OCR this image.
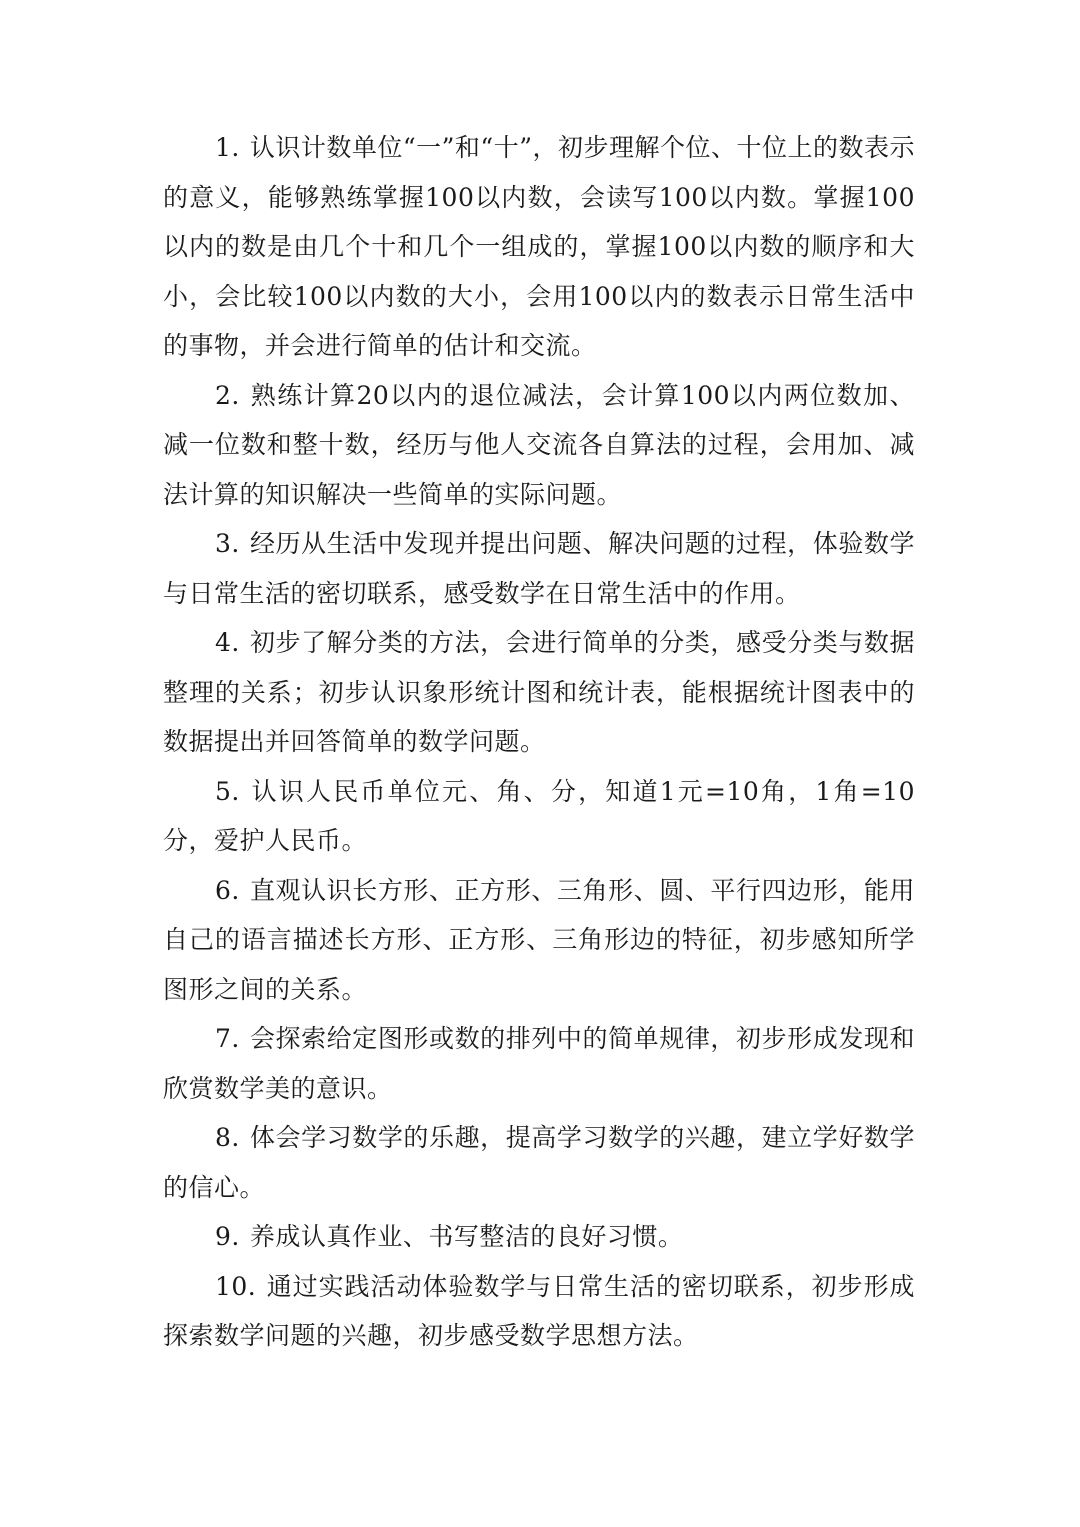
1. 认识计数单位“一”和“十”，初步理解个位、十位上的数表示的意义，能够熟练掌握100以内数，会读写100以内数。掌握100以内的数是由几个十和几个一组成的，掌握100以内数的顺序和大小，会比较100以内数的大小，会用100以内的数表示日常生活中的事物，并会进行简单的估计和交流。

2. 熟练计算20以内的退位减法，会计算100以内两位数加、减一位数和整十数，经历与他人交流各自算法的过程，会用加、减法计算的知识解决一些简单的实际问题。

3. 经历从生活中发现并提出问题、解决问题的过程，体验数学与日常生活的密切联系，感受数学在日常生活中的作用。

4. 初步了解分类的方法，会进行简单的分类，感受分类与数据整理的关系；初步认识象形统计图和统计表，能根据统计图表中的数据提出并回答简单的数学问题。

5. 认识人民币单位元、角、分，知道1元=10角，1角=10分，爱护人民币。

6. 直观认识长方形、正方形、三角形、圆、平行四边形，能用自己的语言描述长方形、正方形、三角形边的特征，初步感知所学图形之间的关系。

7. 会探索给定图形或数的排列中的简单规律，初步形成发现和欣赏数学美的意识。

8. 体会学习数学的乐趣，提高学习数学的兴趣，建立学好数学的信心。

9. 养成认真作业、书写整洁的良好习惯。

10. 通过实践活动体验数学与日常生活的密切联系，初步形成探索数学问题的兴趣，初步感受数学思想方法。
